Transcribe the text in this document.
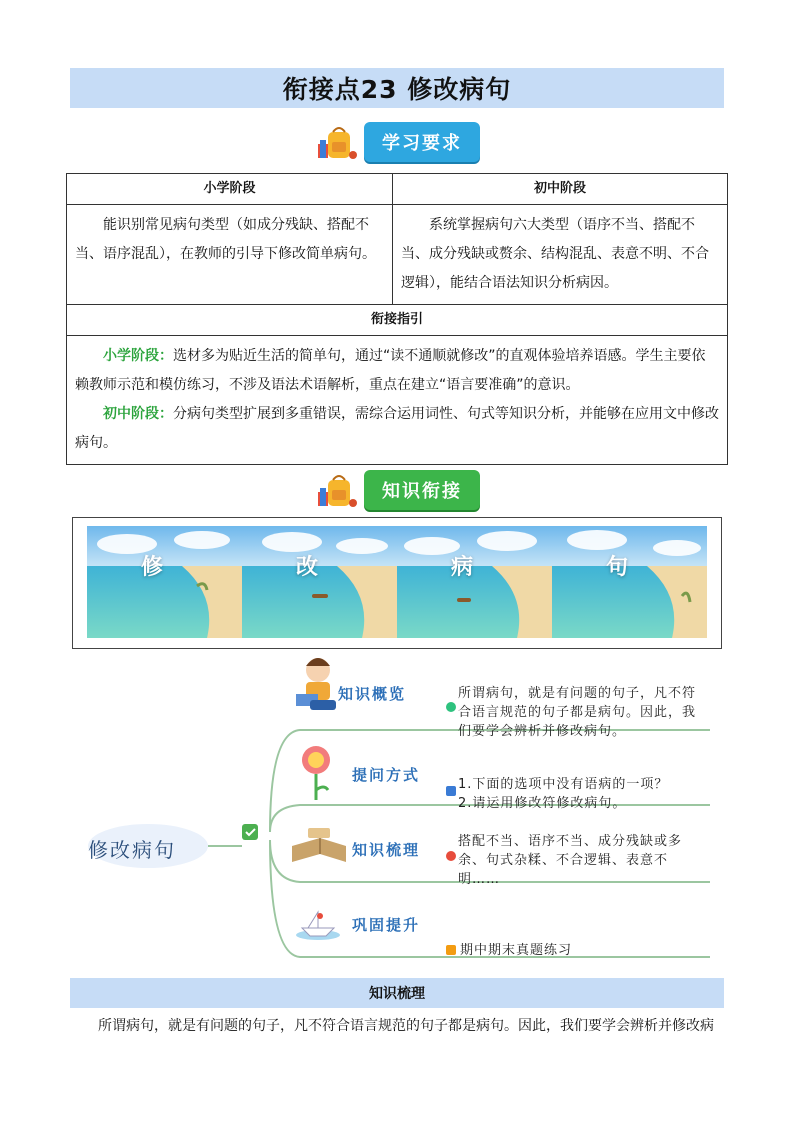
衔接点23 修改病句
学习要求
小学阶段	初中阶段
能识别常见病句类型（如成分残缺、搭配不当、语序混乱），在教师的引导下修改简单病句。	系统掌握病句六大类型（语序不当、搭配不当、成分残缺或赘余、结构混乱、表意不明、不合逻辑），能结合语法知识分析病因。
衔接指引	

小学阶段：选材多为贴近生活的简单句，通过“读不通顺就修改”的直观体验培养语感。学生主要依赖教师示范和模仿练习，不涉及语法术语解析，重点在建立“语言要准确”的意识。
初中阶段：分病句类型扩展到多重错误，需综合运用词性、句式等知识分析，并能够在应用文中修改病句。	
知识衔接
修	改	病	句
修改病句
知识概览	所谓病句，就是有问题的句子，凡不符合语言规范的句子都是病句。因此，我们要学会辨析并修改病句。
提问方式
1.下面的选项中没有语病的一项？
2.请运用修改符修改病句。
知识梳理	搭配不当、语序不当、成分残缺或多余、句式杂糅、不合逻辑、表意不明……
巩固提升
期中期末真题练习
知识梳理
所谓病句，就是有问题的句子，凡不符合语言规范的句子都是病句。因此，我们要学会辨析并修改病
